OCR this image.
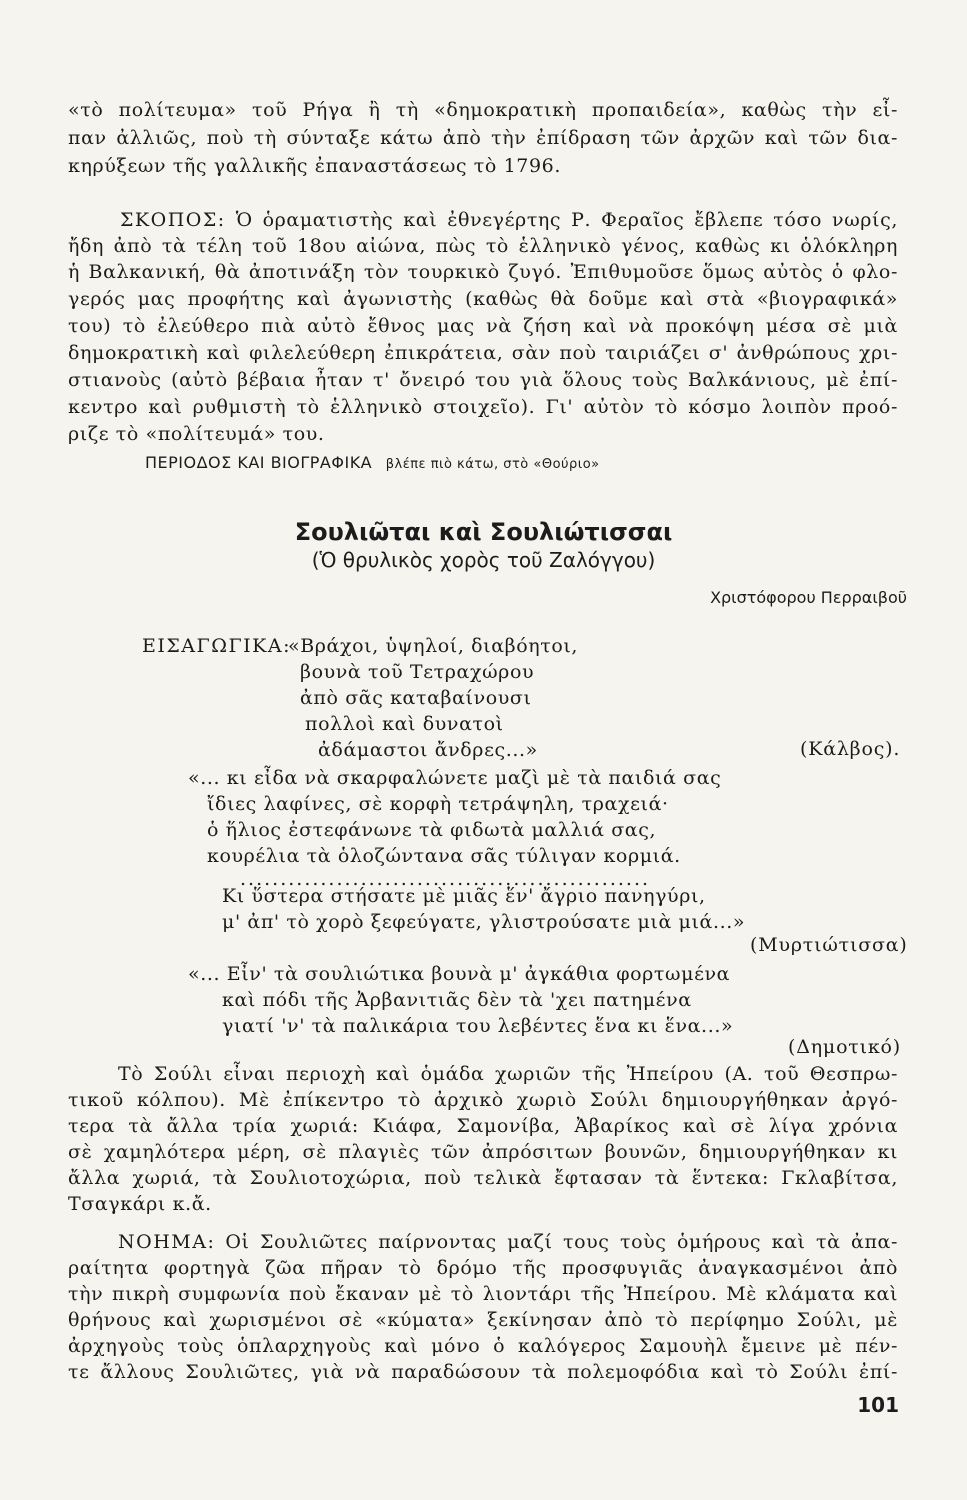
«τὸ πολίτευμα» τοῦ Ρήγα ἢ τὴ «δημοκρατικὴ προπαιδεία», καθὼς τὴν εἶ-
παν ἀλλιῶς, ποὺ τὴ σύνταξε κάτω ἀπὸ τὴν ἐπίδραση τῶν ἀρχῶν καὶ τῶν δια-
κηρύξεων τῆς γαλλικῆς ἐπαναστάσεως τὸ 1796.
ΣΚΟΠΟΣ: Ὁ ὁραματιστὴς καὶ ἐθνεγέρτης Ρ. Φεραῖος ἔβλεπε τόσο νωρίς,
ἤδη ἀπὸ τὰ τέλη τοῦ 18ου αἰώνα, πὼς τὸ ἑλληνικὸ γένος, καθὼς κι ὁλόκληρη
ἡ Βαλκανική, θὰ ἀποτινάξη τὸν τουρκικὸ ζυγό. Ἐπιθυμοῦσε ὅμως αὐτὸς ὁ φλο-
γερός μας προφήτης καὶ ἀγωνιστὴς (καθὼς θὰ δοῦμε καὶ στὰ «βιογραφικά»
του) τὸ ἐλεύθερο πιὰ αὐτὸ ἔθνος μας νὰ ζήση καὶ νὰ προκόψη μέσα σὲ μιὰ
δημοκρατικὴ καὶ φιλελεύθερη ἐπικράτεια, σὰν ποὺ ταιριάζει σ' ἀνθρώπους χρι-
στιανοὺς (αὐτὸ βέβαια ἦταν τ' ὄνειρό του γιὰ ὅλους τοὺς Βαλκάνιους, μὲ ἐπί-
κεντρο καὶ ρυθμιστὴ τὸ ἑλληνικὸ στοιχεῖο). Γι' αὐτὸν τὸ κόσμο λοιπὸν προό-
ριζε τὸ «πολίτευμά» του.
ΠΕΡΙΟΔΟΣ ΚΑΙ ΒΙΟΓΡΑΦΙΚΑ βλέπε πιὸ κάτω, στὸ «Θούριο»
Σουλιῶται καὶ Σουλιώτισσαι
(Ὁ θρυλικὸς χορὸς τοῦ Ζαλόγγου)
Χριστόφορου Περραιβοῦ
ΕΙΣΑΓΩΓΙΚΑ:
«Βράχοι, ὑψηλοί, διαβόητοι,
βουνὰ τοῦ Τετραχώρου
ἀπὸ σᾶς καταβαίνουσι
πολλοὶ καὶ δυνατοὶ
ἀδάμαστοι ἄνδρες...»	(Κάλβος).
«... κι εἶδα νὰ σκαρφαλώνετε μαζὶ μὲ τὰ παιδιά σας
ἴδιες λαφίνες, σὲ κορφὴ τετράψηλη, τραχειά·
ὁ ἥλιος ἐστεφάνωνε τὰ φιδωτὰ μαλλιά σας,
κουρέλια τὰ ὁλοζώντανα σᾶς τύλιγαν κορμιά.
...................................................
Κι ὕστερα στήσατε μὲ μιᾶς ἕν' ἄγριο πανηγύρι,
μ' ἀπ' τὸ χορὸ ξεφεύγατε, γλιστρούσατε μιὰ μιά...»
(Μυρτιώτισσα)
«... Εἶν' τὰ σουλιώτικα βουνὰ μ' ἀγκάθια φορτωμένα
καὶ πόδι τῆς Ἀρβανιτιᾶς δὲν τὰ 'χει πατημένα
γιατί 'ν' τὰ παλικάρια του λεβέντες ἕνα κι ἕνα...»
(Δημοτικό)
Τὸ Σούλι εἶναι περιοχὴ καὶ ὁμάδα χωριῶν τῆς Ἠπείρου (Α. τοῦ Θεσπρω-
τικοῦ κόλπου). Μὲ ἐπίκεντρο τὸ ἀρχικὸ χωριὸ Σούλι δημιουργήθηκαν ἀργό-
τερα τὰ ἄλλα τρία χωριά: Κιάφα, Σαμονίβα, Ἀβαρίκος καὶ σὲ λίγα χρόνια
σὲ χαμηλότερα μέρη, σὲ πλαγιὲς τῶν ἀπρόσιτων βουνῶν, δημιουργήθηκαν κι
ἄλλα χωριά, τὰ Σουλιοτοχώρια, ποὺ τελικὰ ἔφτασαν τὰ ἕντεκα: Γκλαβίτσα,
Τσαγκάρι κ.ἄ.
ΝΟΗΜΑ: Οἱ Σουλιῶτες παίρνοντας μαζί τους τοὺς ὁμήρους καὶ τὰ ἀπα-
ραίτητα φορτηγὰ ζῶα πῆραν τὸ δρόμο τῆς προσφυγιᾶς ἀναγκασμένοι ἀπὸ
τὴν πικρὴ συμφωνία ποὺ ἔκαναν μὲ τὸ λιοντάρι τῆς Ἠπείρου. Μὲ κλάματα καὶ
θρήνους καὶ χωρισμένοι σὲ «κύματα» ξεκίνησαν ἀπὸ τὸ περίφημο Σούλι, μὲ
ἀρχηγοὺς τοὺς ὁπλαρχηγοὺς καὶ μόνο ὁ καλόγερος Σαμουὴλ ἔμεινε μὲ πέν-
τε ἄλλους Σουλιῶτες, γιὰ νὰ παραδώσουν τὰ πολεμοφόδια καὶ τὸ Σούλι ἐπί-
101
